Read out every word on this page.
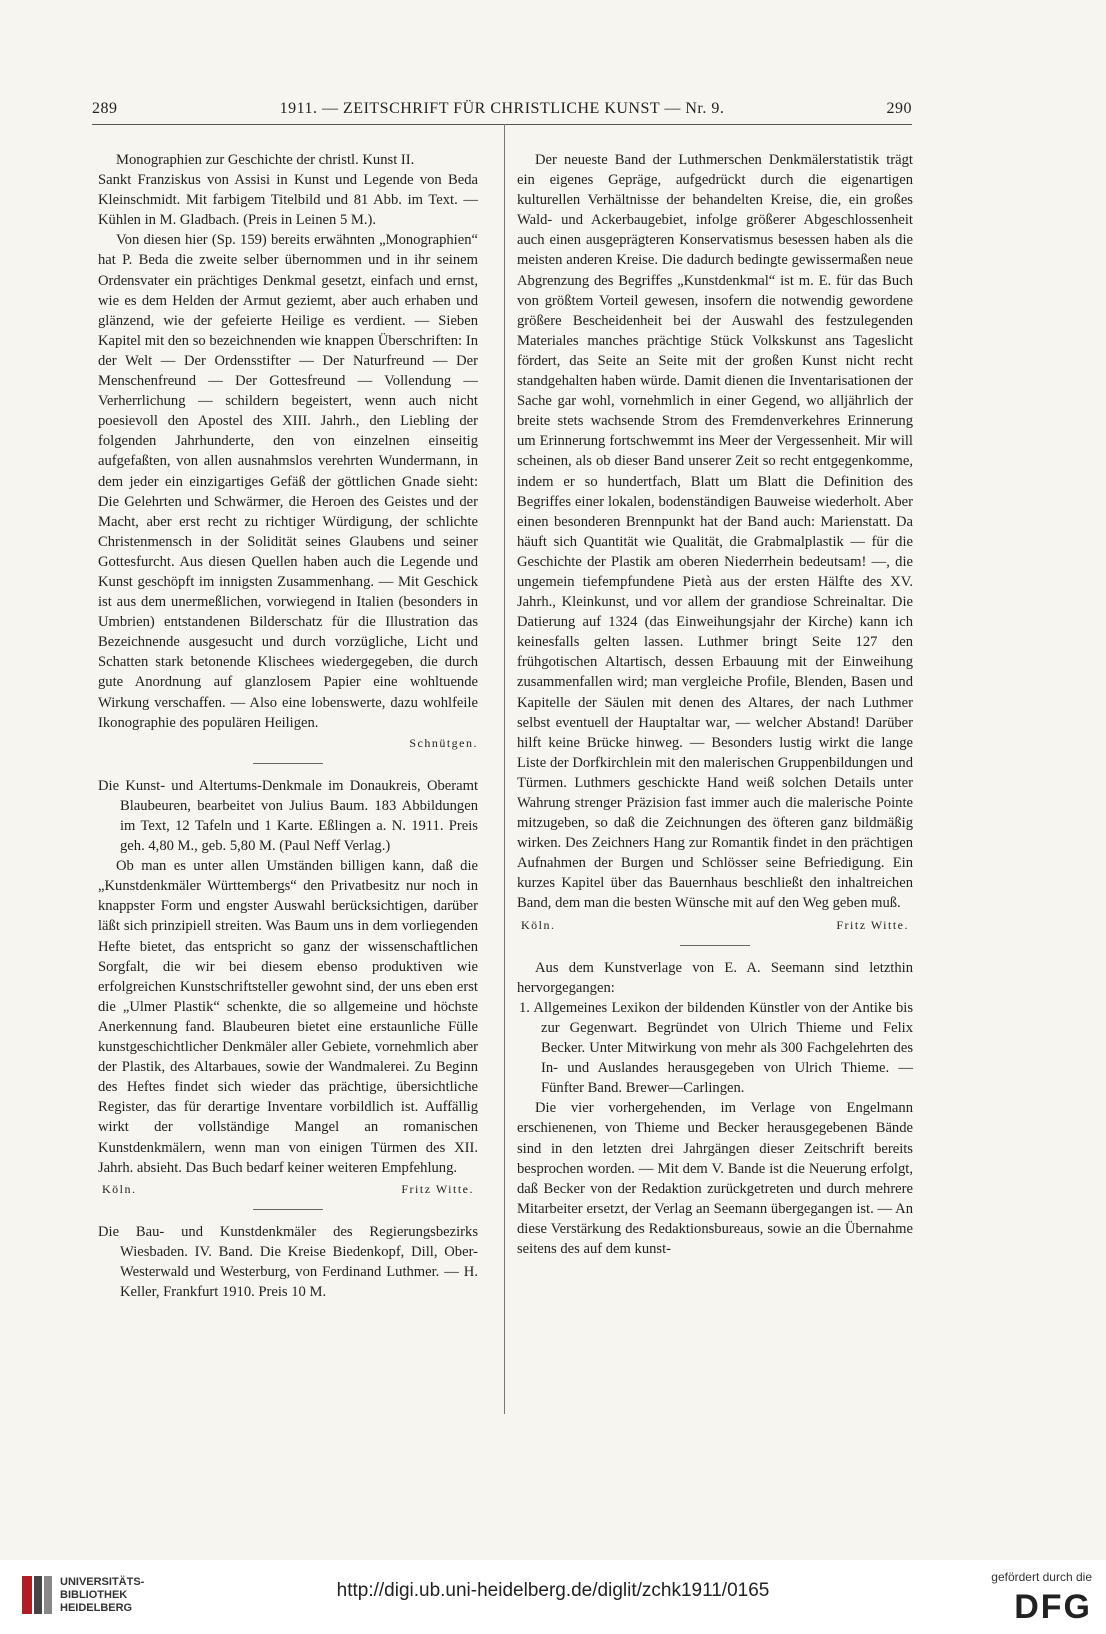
289	1911. — ZEITSCHRIFT FÜR CHRISTLICHE KUNST — Nr. 9.	290

Monographien zur Geschichte der christl. Kunst II.

Sankt Franziskus von Assisi in Kunst und Legende von Beda Kleinschmidt. Mit farbigem Titelbild und 81 Abb. im Text. — Kühlen in M. Gladbach. (Preis in Leinen 5 M.).

Von diesen hier (Sp. 159) bereits erwähnten „Monographien“ hat P. Beda die zweite selber übernommen und in ihr seinem Ordensvater ein prächtiges Denkmal gesetzt, einfach und ernst, wie es dem Helden der Armut geziemt, aber auch erhaben und glänzend, wie der gefeierte Heilige es verdient. — Sieben Kapitel mit den so bezeichnenden wie knappen Überschriften: In der Welt — Der Ordensstifter — Der Naturfreund — Der Menschenfreund — Der Gottesfreund — Vollendung — Verherrlichung — schildern begeistert, wenn auch nicht poesievoll den Apostel des XIII. Jahrh., den Liebling der folgenden Jahrhunderte, den von einzelnen einseitig aufgefaßten, von allen ausnahmslos verehrten Wundermann, in dem jeder ein einzigartiges Gefäß der göttlichen Gnade sieht: Die Gelehrten und Schwärmer, die Heroen des Geistes und der Macht, aber erst recht zu richtiger Würdigung, der schlichte Christenmensch in der Solidität seines Glaubens und seiner Gottesfurcht. Aus diesen Quellen haben auch die Legende und Kunst geschöpft im innigsten Zusammenhang. — Mit Geschick ist aus dem unermeßlichen, vorwiegend in Italien (besonders in Umbrien) entstandenen Bilderschatz für die Illustration das Bezeichnende ausgesucht und durch vorzügliche, Licht und Schatten stark betonende Klischees wiedergegeben, die durch gute Anordnung auf glanzlosem Papier eine wohltuende Wirkung verschaffen. — Also eine lobenswerte, dazu wohlfeile Ikonographie des populären Heiligen.

Schnütgen.

Die Kunst- und Altertums-Denkmale im Donaukreis, Oberamt Blaubeuren, bearbeitet von Julius Baum. 183 Abbildungen im Text, 12 Tafeln und 1 Karte. Eßlingen a. N. 1911. Preis geh. 4,80 M., geb. 5,80 M. (Paul Neff Verlag.)

Ob man es unter allen Umständen billigen kann, daß die „Kunstdenkmäler Württembergs“ den Privatbesitz nur noch in knappster Form und engster Auswahl berücksichtigen, darüber läßt sich prinzipiell streiten. Was Baum uns in dem vorliegenden Hefte bietet, das entspricht so ganz der wissenschaftlichen Sorgfalt, die wir bei diesem ebenso produktiven wie erfolgreichen Kunstschriftsteller gewohnt sind, der uns eben erst die „Ulmer Plastik“ schenkte, die so allgemeine und höchste Anerkennung fand. Blaubeuren bietet eine erstaunliche Fülle kunstgeschichtlicher Denkmäler aller Gebiete, vornehmlich aber der Plastik, des Altarbaues, sowie der Wandmalerei. Zu Beginn des Heftes findet sich wieder das prächtige, übersichtliche Register, das für derartige Inventare vorbildlich ist. Auffällig wirkt der vollständige Mangel an romanischen Kunstdenkmälern, wenn man von einigen Türmen des XII. Jahrh. absieht. Das Buch bedarf keiner weiteren Empfehlung.

Köln.	Fritz Witte.

Die Bau- und Kunstdenkmäler des Regierungsbezirks Wiesbaden. IV. Band. Die Kreise Biedenkopf, Dill, Ober-Westerwald und Westerburg, von Ferdinand Luthmer. — H. Keller, Frankfurt 1910. Preis 10 M.

Der neueste Band der Luthmerschen Denkmälerstatistik trägt ein eigenes Gepräge, aufgedrückt durch die eigenartigen kulturellen Verhältnisse der behandelten Kreise, die, ein großes Wald- und Ackerbaugebiet, infolge größerer Abgeschlossenheit auch einen ausgeprägteren Konservatismus besessen haben als die meisten anderen Kreise. Die dadurch bedingte gewissermaßen neue Abgrenzung des Begriffes „Kunstdenkmal“ ist m. E. für das Buch von größtem Vorteil gewesen, insofern die notwendig gewordene größere Bescheidenheit bei der Auswahl des festzulegenden Materiales manches prächtige Stück Volkskunst ans Tageslicht fördert, das Seite an Seite mit der großen Kunst nicht recht standgehalten haben würde. Damit dienen die Inventarisationen der Sache gar wohl, vornehmlich in einer Gegend, wo alljährlich der breite stets wachsende Strom des Fremdenverkehres Erinnerung um Erinnerung fortschwemmt ins Meer der Vergessenheit. Mir will scheinen, als ob dieser Band unserer Zeit so recht entgegenkomme, indem er so hundertfach, Blatt um Blatt die Definition des Begriffes einer lokalen, bodenständigen Bauweise wiederholt. Aber einen besonderen Brennpunkt hat der Band auch: Marienstatt. Da häuft sich Quantität wie Qualität, die Grabmalplastik — für die Geschichte der Plastik am oberen Niederrhein bedeutsam! —, die ungemein tiefempfundene Pietà aus der ersten Hälfte des XV. Jahrh., Kleinkunst, und vor allem der grandiose Schreinaltar. Die Datierung auf 1324 (das Einweihungsjahr der Kirche) kann ich keinesfalls gelten lassen. Luthmer bringt Seite 127 den frühgotischen Altartisch, dessen Erbauung mit der Einweihung zusammenfallen wird; man vergleiche Profile, Blenden, Basen und Kapitelle der Säulen mit denen des Altares, der nach Luthmer selbst eventuell der Hauptaltar war, — welcher Abstand! Darüber hilft keine Brücke hinweg. — Besonders lustig wirkt die lange Liste der Dorfkirchlein mit den malerischen Gruppenbildungen und Türmen. Luthmers geschickte Hand weiß solchen Details unter Wahrung strenger Präzision fast immer auch die malerische Pointe mitzugeben, so daß die Zeichnungen des öfteren ganz bildmäßig wirken. Des Zeichners Hang zur Romantik findet in den prächtigen Aufnahmen der Burgen und Schlösser seine Befriedigung. Ein kurzes Kapitel über das Bauernhaus beschließt den inhaltreichen Band, dem man die besten Wünsche mit auf den Weg geben muß.

Köln.	Fritz Witte.

Aus dem Kunstverlage von E. A. Seemann sind letzthin hervorgegangen:

1. Allgemeines Lexikon der bildenden Künstler von der Antike bis zur Gegenwart. Begründet von Ulrich Thieme und Felix Becker. Unter Mitwirkung von mehr als 300 Fachgelehrten des In- und Auslandes herausgegeben von Ulrich Thieme. — Fünfter Band. Brewer—Carlingen.

Die vier vorhergehenden, im Verlage von Engelmann erschienenen, von Thieme und Becker herausgegebenen Bände sind in den letzten drei Jahrgängen dieser Zeitschrift bereits besprochen worden. — Mit dem V. Bande ist die Neuerung erfolgt, daß Becker von der Redaktion zurückgetreten und durch mehrere Mitarbeiter ersetzt, der Verlag an Seemann übergegangen ist. — An diese Verstärkung des Redaktionsbureaus, sowie an die Übernahme seitens des auf dem kunst-

UNIVERSITÄTS-
BIBLIOTHEK
HEIDELBERG
http://digi.ub.uni-heidelberg.de/diglit/zchk1911/0165
gefördert durch die
DFG
